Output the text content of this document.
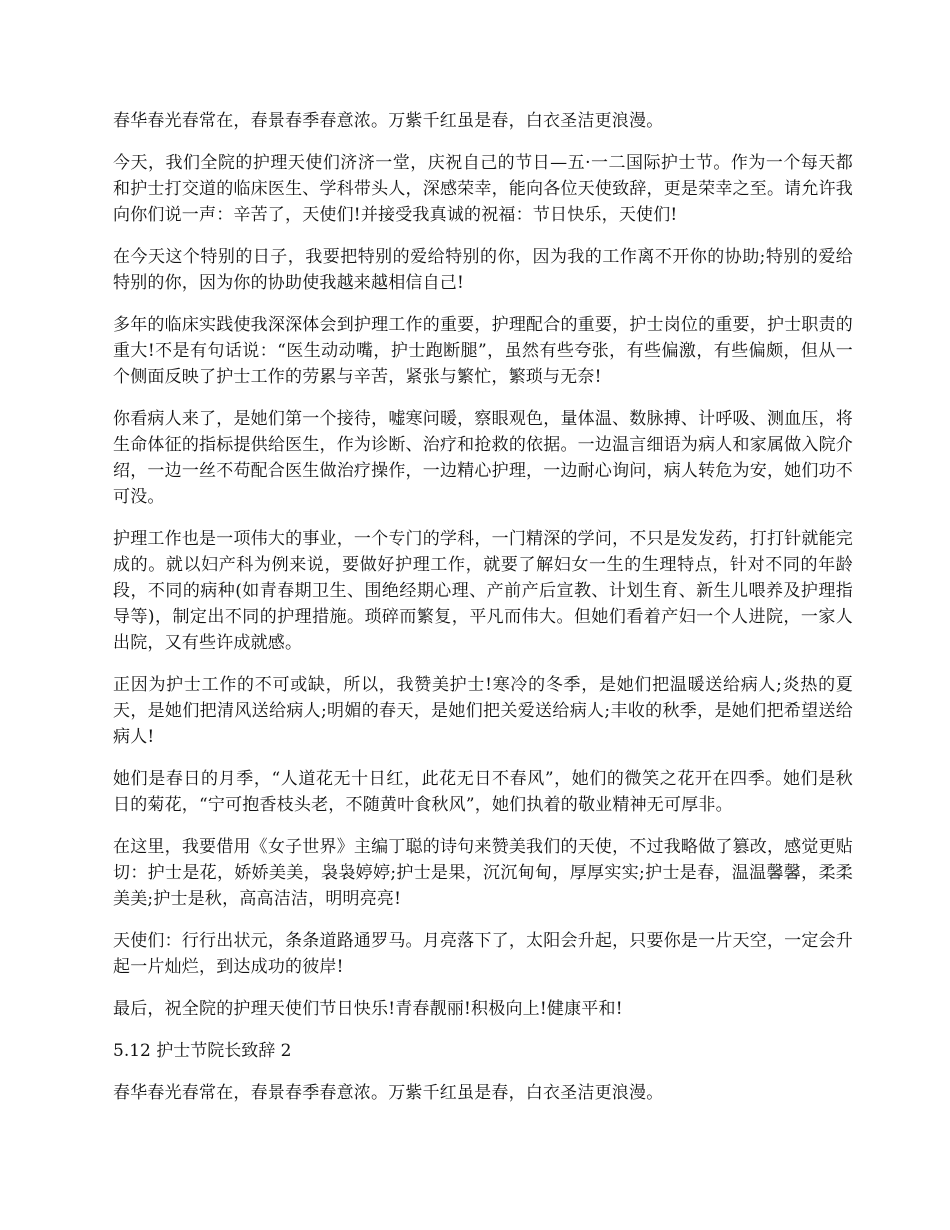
春华春光春常在，春景春季春意浓。万紫千红虽是春，白衣圣洁更浪漫。

今天，我们全院的护理天使们济济一堂，庆祝自己的节日—五·一二国际护士节。作为一个每天都和护士打交道的临床医生、学科带头人，深感荣幸，能向各位天使致辞，更是荣幸之至。请允许我向你们说一声：辛苦了，天使们!并接受我真诚的祝福：节日快乐，天使们!

在今天这个特别的日子，我要把特别的爱给特别的你，因为我的工作离不开你的协助;特别的爱给特别的你，因为你的协助使我越来越相信自己!

多年的临床实践使我深深体会到护理工作的重要，护理配合的重要，护士岗位的重要，护士职责的重大!不是有句话说：“医生动动嘴，护士跑断腿”，虽然有些夸张，有些偏激，有些偏颇，但从一个侧面反映了护士工作的劳累与辛苦，紧张与繁忙，繁琐与无奈!

你看病人来了，是她们第一个接待，嘘寒问暖，察眼观色，量体温、数脉搏、计呼吸、测血压，将生命体征的指标提供给医生，作为诊断、治疗和抢救的依据。一边温言细语为病人和家属做入院介绍，一边一丝不苟配合医生做治疗操作，一边精心护理，一边耐心询问，病人转危为安，她们功不可没。

护理工作也是一项伟大的事业，一个专门的学科，一门精深的学问，不只是发发药，打打针就能完成的。就以妇产科为例来说，要做好护理工作，就要了解妇女一生的生理特点，针对不同的年龄段，不同的病种(如青春期卫生、围绝经期心理、产前产后宣教、计划生育、新生儿喂养及护理指导等)，制定出不同的护理措施。琐碎而繁复，平凡而伟大。但她们看着产妇一个人进院，一家人出院，又有些许成就感。

正因为护士工作的不可或缺，所以，我赞美护士!寒冷的冬季，是她们把温暖送给病人;炎热的夏天，是她们把清风送给病人;明媚的春天，是她们把关爱送给病人;丰收的秋季，是她们把希望送给病人!

她们是春日的月季，“人道花无十日红，此花无日不春风”，她们的微笑之花开在四季。她们是秋日的菊花，“宁可抱香枝头老，不随黄叶食秋风”，她们执着的敬业精神无可厚非。

在这里，我要借用《女子世界》主编丁聪的诗句来赞美我们的天使，不过我略做了篡改，感觉更贴切：护士是花，娇娇美美，袅袅婷婷;护士是果，沉沉甸甸，厚厚实实;护士是春，温温馨馨，柔柔美美;护士是秋，高高洁洁，明明亮亮!

天使们：行行出状元，条条道路通罗马。月亮落下了，太阳会升起，只要你是一片天空，一定会升起一片灿烂，到达成功的彼岸!

最后，祝全院的护理天使们节日快乐!青春靓丽!积极向上!健康平和!

5.12 护士节院长致辞 2

春华春光春常在，春景春季春意浓。万紫千红虽是春，白衣圣洁更浪漫。
